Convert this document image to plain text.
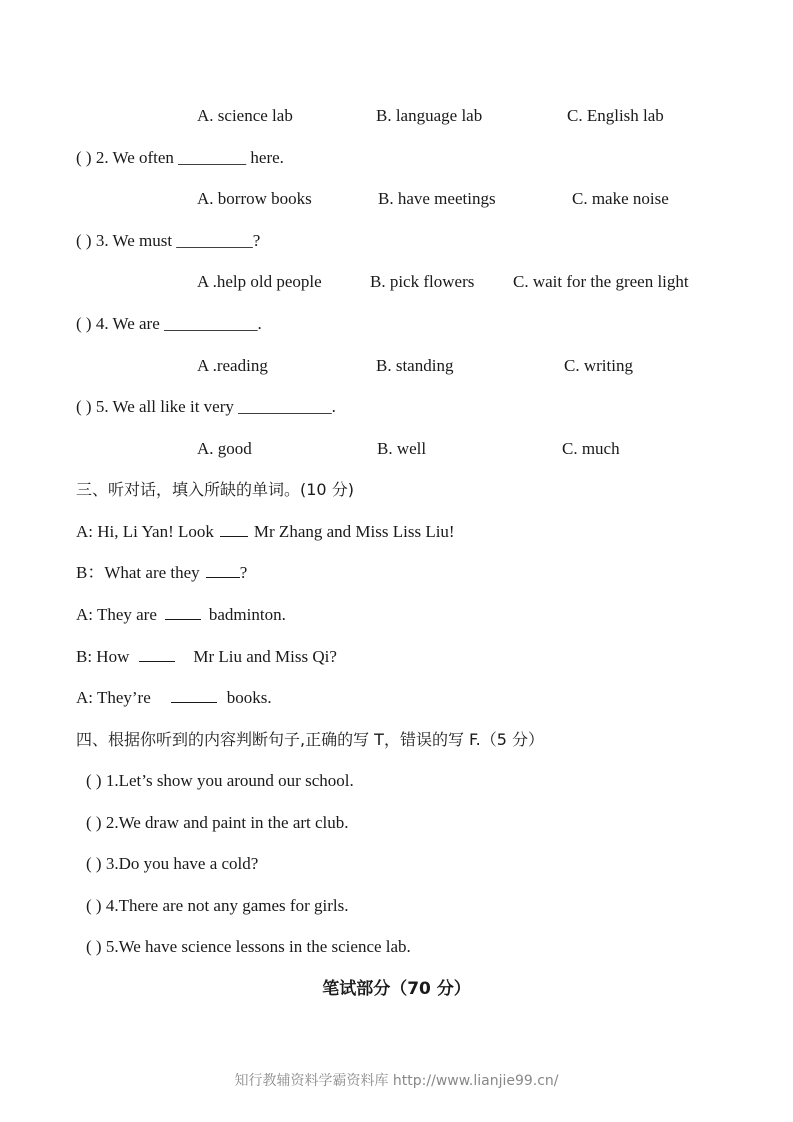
A. science lab	B. language lab	C. English lab
( ) 2. We often ________ here.
A. borrow books	B. have meetings	C. make noise
( ) 3. We must _________?
A .help old people	B. pick flowers C. wait for the green light
( ) 4. We are ___________.
A .reading	B. standing	C. writing
( ) 5. We all like it very ___________.
A. good	B. well	C. much
三、听对话，填入所缺的单词。(10 分)
A: Hi, Li Yan! Look Mr Zhang and Miss Liss Liu!
B：What are they ?
A: They are	badminton.
B: How	Mr Liu and Miss Qi?
A: They’re	books.
四、根据你听到的内容判断句子,正确的写 T，错误的写 F.（5 分）
( ) 1.Let’s show you around our school.
( ) 2.We draw and paint in the art club.
( ) 3.Do you have a cold?
( ) 4.There are not any games for girls.
( ) 5.We have science lessons in the science lab.
笔试部分（70 分）
知行教辅资料学霸资料库 http://www.lianjie99.cn/
